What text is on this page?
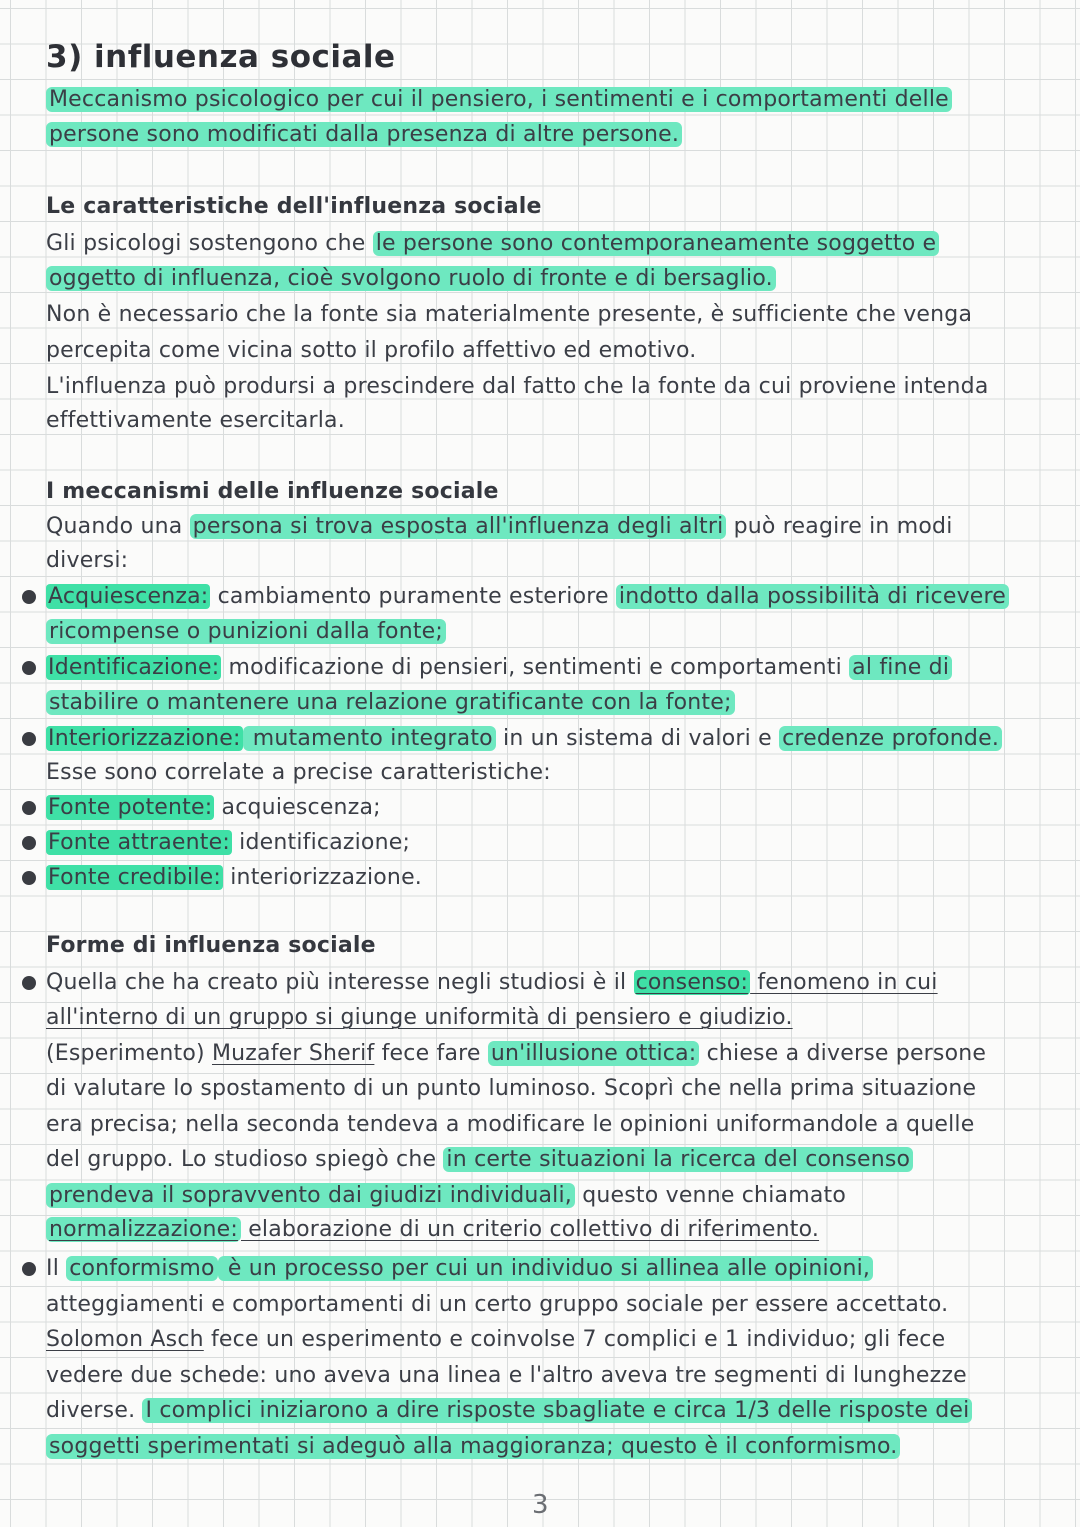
3) influenza sociale
Meccanismo psicologico per cui il pensiero, i sentimenti e i comportamenti delle
persone sono modificati dalla presenza di altre persone.
Le caratteristiche dell'influenza sociale
Gli psicologi sostengono che le persone sono contemporaneamente soggetto e
oggetto di influenza, cioè svolgono ruolo di fronte e di bersaglio.
Non è necessario che la fonte sia materialmente presente, è sufficiente che venga
percepita come vicina sotto il profilo affettivo ed emotivo.
L'influenza può prodursi a prescindere dal fatto che la fonte da cui proviene intenda
effettivamente esercitarla.
I meccanismi delle influenze sociale
Quando una persona si trova esposta all'influenza degli altri può reagire in modi
diversi:
Acquiescenza: cambiamento puramente esteriore indotto dalla possibilità di ricevere
ricompense o punizioni dalla fonte;
Identificazione: modificazione di pensieri, sentimenti e comportamenti al fine di
stabilire o mantenere una relazione gratificante con la fonte;
Interiorizzazione: mutamento integrato in un sistema di valori e credenze profonde.
Esse sono correlate a precise caratteristiche:
Fonte potente: acquiescenza;
Fonte attraente: identificazione;
Fonte credibile: interiorizzazione.
Forme di influenza sociale
Quella che ha creato più interesse negli studiosi è il consenso: fenomeno in cui
all'interno di un gruppo si giunge uniformità di pensiero e giudizio.
(Esperimento) Muzafer Sherif fece fare un'illusione ottica: chiese a diverse persone
di valutare lo spostamento di un punto luminoso. Scoprì che nella prima situazione
era precisa; nella seconda tendeva a modificare le opinioni uniformandole a quelle
del gruppo. Lo studioso spiegò che in certe situazioni la ricerca del consenso
prendeva il sopravvento dai giudizi individuali, questo venne chiamato
normalizzazione: elaborazione di un criterio collettivo di riferimento.
Il conformismo è un processo per cui un individuo si allinea alle opinioni,
atteggiamenti e comportamenti di un certo gruppo sociale per essere accettato.
Solomon Asch fece un esperimento e coinvolse 7 complici e 1 individuo; gli fece
vedere due schede: uno aveva una linea e l'altro aveva tre segmenti di lunghezze
diverse. I complici iniziarono a dire risposte sbagliate e circa 1/3 delle risposte dei
soggetti sperimentati si adeguò alla maggioranza; questo è il conformismo.
3
